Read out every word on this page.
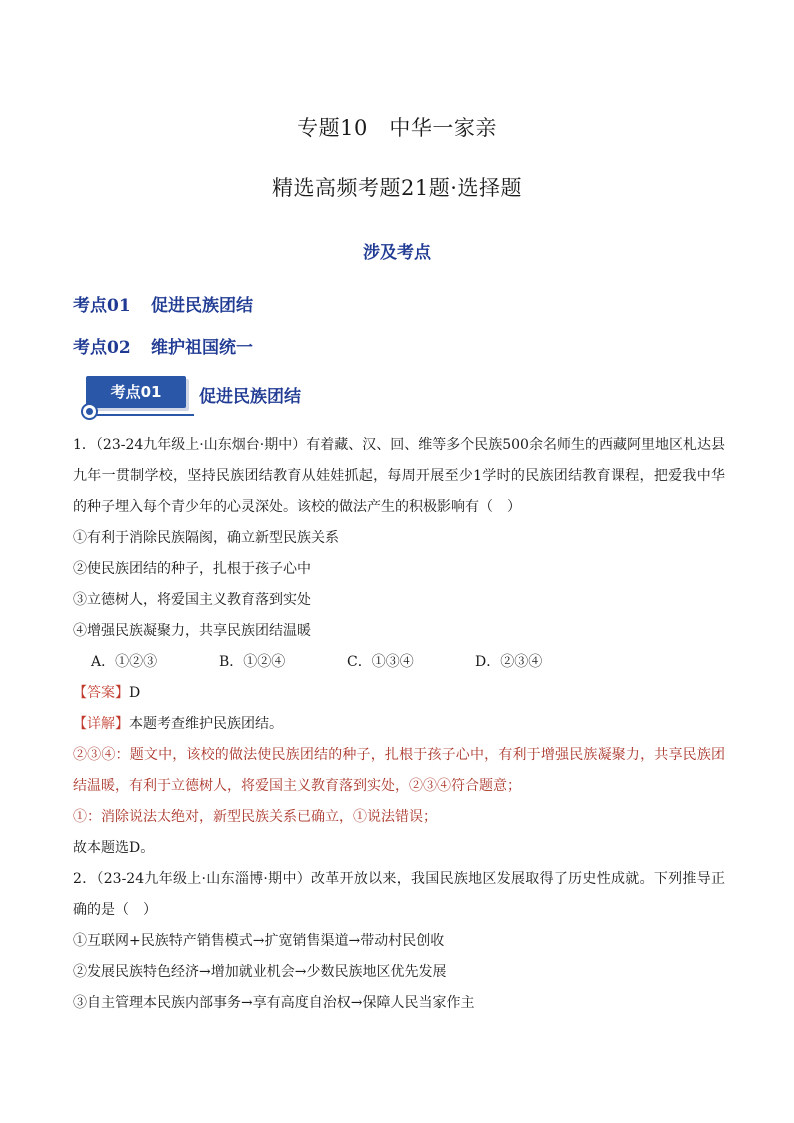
专题10　中华一家亲
精选高频考题21题·选择题
涉及考点
考点01 促进民族团结
考点02 维护祖国统一
考点01	促进民族团结

1．（23-24九年级上·山东烟台·期中）有着藏、汉、回、维等多个民族500余名师生的西藏阿里地区札达县九年一贯制学校，坚持民族团结教育从娃娃抓起，每周开展至少1学时的民族团结教育课程，把爱我中华的种子埋入每个青少年的心灵深处。该校的做法产生的积极影响有（　）

①有利于消除民族隔阂，确立新型民族关系

②使民族团结的种子，扎根于孩子心中

③立德树人，将爱国主义教育落到实处

④增强民族凝聚力，共享民族团结温暖

A．①②③	B．①②④	C．①③④	D．②③④

【答案】D

【详解】本题考查维护民族团结。

②③④：题文中，该校的做法使民族团结的种子，扎根于孩子心中，有利于增强民族凝聚力，共享民族团结温暖，有利于立德树人，将爱国主义教育落到实处，②③④符合题意；

①：消除说法太绝对，新型民族关系已确立，①说法错误；

故本题选D。

2．（23-24九年级上·山东淄博·期中）改革开放以来，我国民族地区发展取得了历史性成就。下列推导正确的是（　）

①互联网+民族特产销售模式→扩宽销售渠道→带动村民创收

②发展民族特色经济→增加就业机会→少数民族地区优先发展

③自主管理本民族内部事务→享有高度自治权→保障人民当家作主
